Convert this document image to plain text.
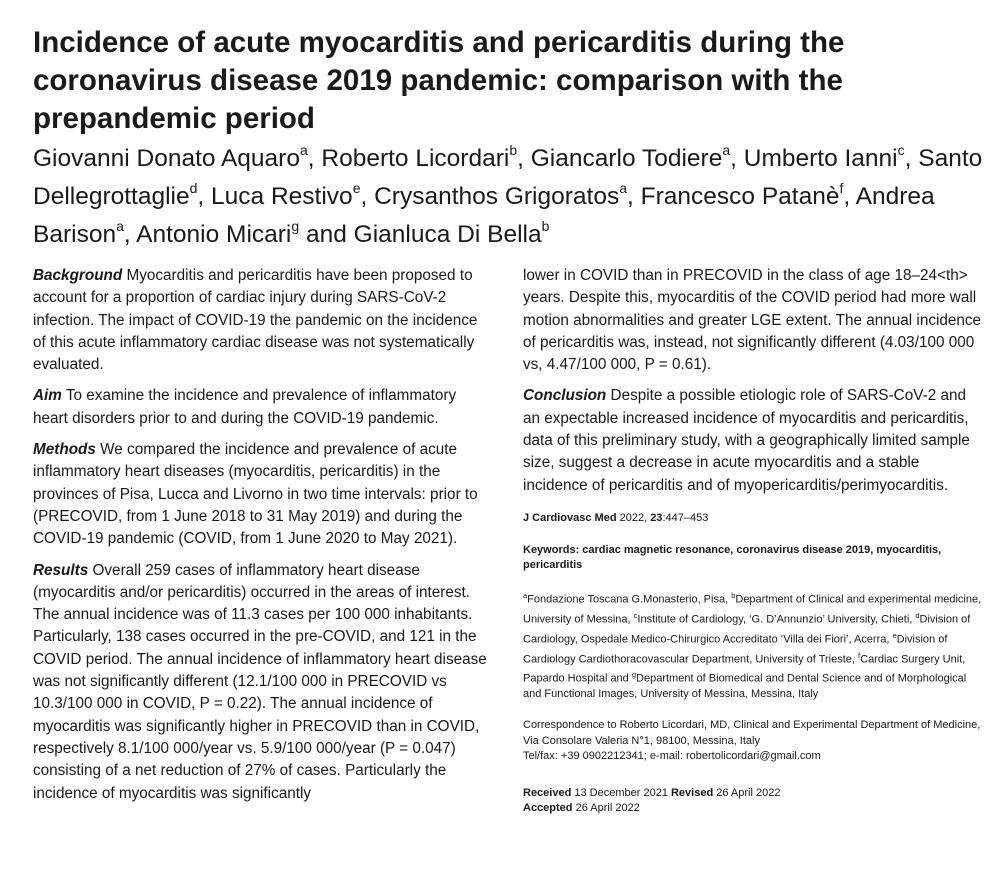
Incidence of acute myocarditis and pericarditis during the coronavirus disease 2019 pandemic: comparison with the prepandemic period
Giovanni Donato Aquaro$^a$, Roberto Licordari$^b$, Giancarlo Todiere$^a$, Umberto Ianni$^c$, Santo Dellegrottaglie$^d$, Luca Restivo$^e$, Crysanthos Grigoratos$^a$, Francesco Patanè$^f$, Andrea Barison$^a$, Antonio Micari$^g$ and Gianluca Di Bella$^b$

Background Myocarditis and pericarditis have been proposed to account for a proportion of cardiac injury during SARS-CoV-2 infection. The impact of COVID-19 the pandemic on the incidence of this acute inflammatory cardiac disease was not systematically evaluated.

Aim To examine the incidence and prevalence of inflammatory heart disorders prior to and during the COVID-19 pandemic.

Methods We compared the incidence and prevalence of acute inflammatory heart diseases (myocarditis, pericarditis) in the provinces of Pisa, Lucca and Livorno in two time intervals: prior to (PRECOVID, from 1 June 2018 to 31 May 2019) and during the COVID-19 pandemic (COVID, from 1 June 2020 to May 2021).

Results Overall 259 cases of inflammatory heart disease (myocarditis and/or pericarditis) occurred in the areas of interest. The annual incidence was of 11.3 cases per 100 000 inhabitants. Particularly, 138 cases occurred in the pre-COVID, and 121 in the COVID period. The annual incidence of inflammatory heart disease was not significantly different (12.1/100 000 in PRECOVID vs 10.3/100 000 in COVID, P = 0.22). The annual incidence of myocarditis was significantly higher in PRECOVID than in COVID, respectively 8.1/100 000/year vs. 5.9/100 000/year (P = 0.047) consisting of a net reduction of 27% of cases. Particularly the incidence of myocarditis was significantly

lower in COVID than in PRECOVID in the class of age 18–24<th> years. Despite this, myocarditis of the COVID period had more wall motion abnormalities and greater LGE extent. The annual incidence of pericarditis was, instead, not significantly different (4.03/100 000 vs, 4.47/100 000, P = 0.61).

Conclusion Despite a possible etiologic role of SARS-CoV-2 and an expectable increased incidence of myocarditis and pericarditis, data of this preliminary study, with a geographically limited sample size, suggest a decrease in acute myocarditis and a stable incidence of pericarditis and of myopericarditis/perimyocarditis.

J Cardiovasc Med 2022, 23:447–453
Keywords: cardiac magnetic resonance, coronavirus disease 2019, myocarditis, pericarditis
$^a$Fondazione Toscana G.Monasterio, Pisa, $^b$Department of Clinical and experimental medicine, University of Messina, $^c$Institute of Cardiology, ‘G. D’Annunzio’ University, Chieti, $^d$Division of Cardiology, Ospedale Medico-Chirurgico Accreditato ‘Villa dei Fiori’, Acerra, $^e$Division of Cardiology Cardiothoracovascular Department, University of Trieste, $^f$Cardiac Surgery Unit, Papardo Hospital and $^g$Department of Biomedical and Dental Science and of Morphological and Functional Images, University of Messina, Messina, Italy
Correspondence to Roberto Licordari, MD, Clinical and Experimental Department of Medicine, Via Consolare Valeria N°1, 98100, Messina, Italy
Tel/fax: +39 0902212341; e-mail: robertolicordari@gmail.com
Received 13 December 2021 Revised 26 April 2022
Accepted 26 April 2022
